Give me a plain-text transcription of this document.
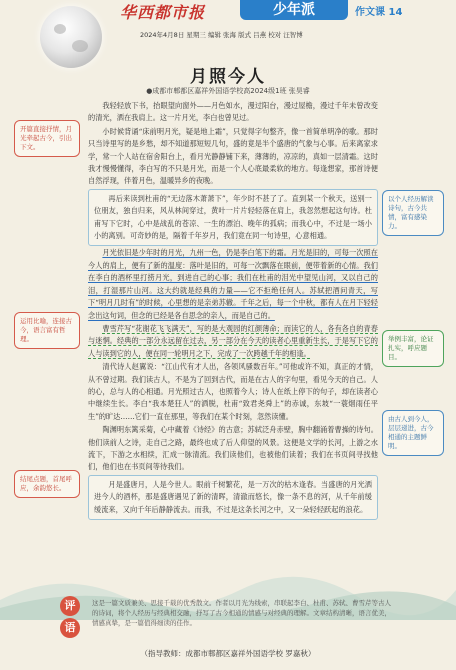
华西都市报	少年派	作文课 14
2024年4月8日 星期三 编辑 张海 版式 吕燕 校对 汪智博
月照今人
●成都市郫都区嘉祥外国语学校高2024级1班 张昊睿

我轻轻放下书，抬眼望向窗外——月色如水，漫过阳台，漫过屋檐，漫过千年未曾改变的清光，洒在我肩上。这一片月光，李白也曾见过。

小时候背诵“床前明月光，疑是地上霜”，只觉得字句整齐，像一首简单明净的歌。那时只当诗里写的是乡愁，却不知道那短短几句，盛的竟是半个盛唐的气象与心事。后来离家求学，常一个人站在宿舍阳台上，看月光静静铺下来，薄薄的，凉凉的，真如一层清霜。这时我才慢慢懂得，李白写的不只是月光，而是一个人心底最柔软的地方。每逢想家，那首诗便自然浮现，伴着月色，温暖异乡的夜晚。

再后来读到杜甫的“无边落木萧萧下”，年少时不甚了了。直到某一个秋天，送别一位朋友，独自归来，风从林间穿过，黄叶一片片轻轻落在肩上，我忽然想起这句诗。杜甫写下它时，心中是战乱的苍凉、一生的漂泊、晚年的孤病；而我心中，不过是一场小小的离别。可奇妙的是，隔着千年岁月，我们竟在同一句诗里，心意相通。

月光依旧是少年时的月光，九州一色，仍是李白笔下的霜。月光是旧的，可每一次照在今人的肩上，便有了新的温度：落叶是旧的，可每一次飘落在眼前，便带着新的心情。我们在李白的酒杯里打捞月光，到进自己的心事；我们在杜甫的泪光中望见山河，又以自己的泪，打湿那片山河。这大约就是经典的力量——它不拒绝任何人。苏轼把酒问青天，写下“明月几时有”的时候，心里想的是亲弟苏辙。千年之后，每一个中秋，都有人在月下轻轻念出这句词，但念的已经是各自思念的亲人，而是自己的。

曹雪芹写“花谢花飞飞满天”，写的是大观园的红颜薄命；而读它的人，各有各自的青春与迷惘。经典的一部分永远留在过去，另一部分在今天的读者心里重新生长，于是写下它的人与读到它的人，便在同一轮明月之下，完成了一次跨越千年的相逢。

清代诗人赵翼说：“江山代有才人出，各领风骚数百年。”可他或许不知，真正的才情，从不曾过期。我们读古人，不是为了回到古代，而是在古人的字句里，看见今天的自己。人的心，总与人的心相通。月光照过古人，也照着今人；诗人在纸上停下的句子，却在读者心中继续生长。李白“我本楚狂人”的洒脱，杜甫“致君尧舜上”的赤诚，东坡“一蓑烟雨任平生”的旷达……它们一直在那里，等我们在某个时刻，忽然读懂。

陶渊明东篱采菊，心中藏着《诗经》的古意；苏轼泛舟赤壁，胸中翻涌着曹操的诗句。他们读前人之诗，走自己之路，最终也成了后人仰望的风景。这便是文学的长河，上游之水流下，下游之水相续，汇成一脉清流。我们读他们，也被他们读着；我们在书页间寻找他们，他们也在书页间等待我们。

月是盛唐月，人是今世人。眼前千树繁花，是一万次的枯木逢春。当盛唐的月光洒进今人的酒杯，那是盛唐遇见了新的清晖，清澈而悠长，像一条不息的河，从千年前缓缓流来，又向千年后静静流去。而我，不过是这条长河之中，又一朵轻轻跃起的浪花。

开篇直接抒情，月光牵起古今，引出下文。
以个人经历解读诗句，古今共情，富有感染力。
运用比喻，连接古今，语言富有哲理。
结尾点题，首尾呼应，余韵悠长。
举例丰富，论证扎实，呼应题目。
由古人到今人，层层递进，古今相通的主题鲜明。
评
语
这是一篇文质兼美、思接千载的优秀散文。作者以月光为线索，串联起李白、杜甫、苏轼、曹雪芹等古人的诗词，将个人经历与经典相交融，抒写了古今相通的情感与对经典的理解。文章结构清晰，语言优美，情感真挚，是一篇值得细读的佳作。
（指导教师：成都市郫都区嘉祥外国语学校 罗嘉秋）
